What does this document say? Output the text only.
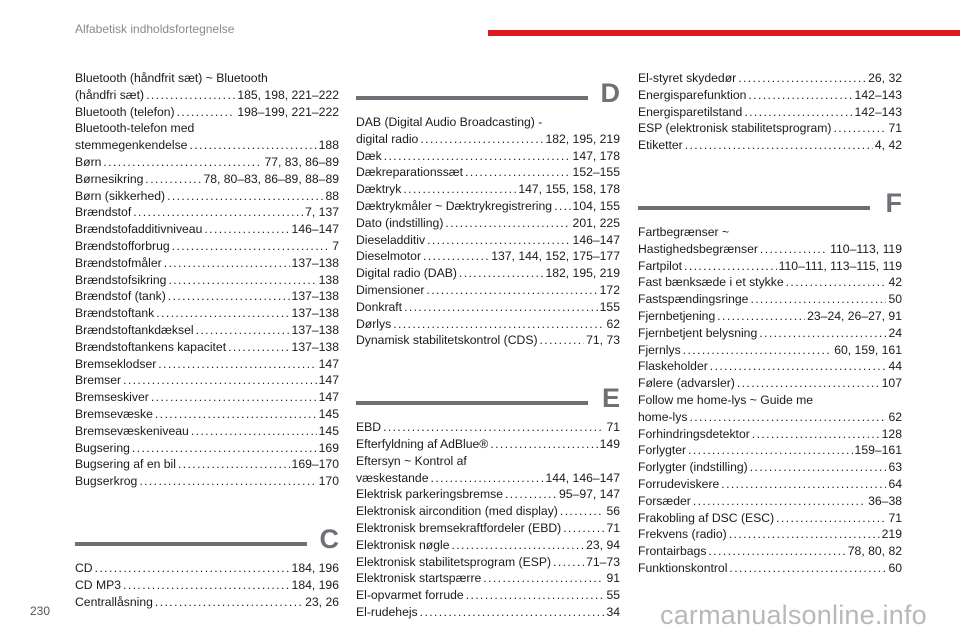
Alfabetisk indholdsfortegnelse
Bluetooth (håndfrit sæt) ~ Bluetooth
(håndfri sæt) .....	185, 198, 221–222
Bluetooth (telefon) .....	198–199, 221–222
Bluetooth-telefon med
stemmegenkendelse .....	188
Børn .....	77, 83, 86–89
Børnesikring .....	78, 80–83, 86–89, 88–89
Børn (sikkerhed) .....	88
Brændstof .....	7, 137
Brændstofadditivniveau .....	146–147
Brændstofforbrug .....	7
Brændstofmåler .....	137–138
Brændstofsikring .....	138
Brændstof (tank) .....	137–138
Brændstoftank .....	137–138
Brændstoftankdæksel .....	137–138
Brændstoftankens kapacitet .....	137–138
Bremseklodser .....	147
Bremser .....	147
Bremseskiver .....	147
Bremsevæske .....	145
Bremsevæskeniveau .....	145
Bugsering .....	169
Bugsering af en bil .....	169–170
Bugserkrog .....	170
C
CD .....	184, 196
CD MP3 .....	184, 196
Centrallåsning .....	23, 26
D
DAB (Digital Audio Broadcasting) -
digital radio .....	182, 195, 219
Dæk .....	147, 178
Dækreparationssæt .....	152–155
Dæktryk .....	147, 155, 158, 178
Dæktrykmåler ~ Dæktrykregistrering ..... 104, 155
Dato (indstilling) .....	201, 225
Dieseladditiv .....	146–147
Dieselmotor .....	137, 144, 152, 175–177
Digital radio (DAB) .....	182, 195, 219
Dimensioner .....	172
Donkraft .....	155
Dørlys .....	62
Dynamisk stabilitetskontrol (CDS) .....	71, 73
E
EBD .....	71
Efterfyldning af AdBlue® .....	149
Eftersyn ~ Kontrol af
væskestande .....	144, 146–147
Elektrisk parkeringsbremse .....	95–97, 147
Elektronisk aircondition (med display) .....	56
Elektronisk bremsekraftfordeler (EBD) .....	71
Elektronisk nøgle .....	23, 94
Elektronisk stabilitetsprogram (ESP) .....	71–73
Elektronisk startspærre .....	91
El-opvarmet forrude .....	55
El-rudehejs .....	34
El-styret skydedør .....	26, 32
Energisparefunktion .....	142–143
Energisparetilstand .....	142–143
ESP (elektronisk stabilitetsprogram) .....	71
Etiketter .....	4, 42
F
Fartbegrænser ~
Hastighedsbegrænser .....	110–113, 119
Fartpilot .....	110–111, 113–115, 119
Fast bænksæde i et stykke .....	42
Fastspændingsringe .....	50
Fjernbetjening .....	23–24, 26–27, 91
Fjernbetjent belysning .....	24
Fjernlys .....	60, 159, 161
Flaskeholder .....	44
Følere (advarsler) .....	107
Follow me home-lys ~ Guide me
home-lys .....	62
Forhindringsdetektor .....	128
Forlygter .....	159–161
Forlygter (indstilling) .....	63
Forrudeviskere .....	64
Forsæder .....	36–38
Frakobling af DSC (ESC) .....	71
Frekvens (radio) .....	219
Frontairbags .....	78, 80, 82
Funktionskontrol .....	60
230	carmanualsonline.info
